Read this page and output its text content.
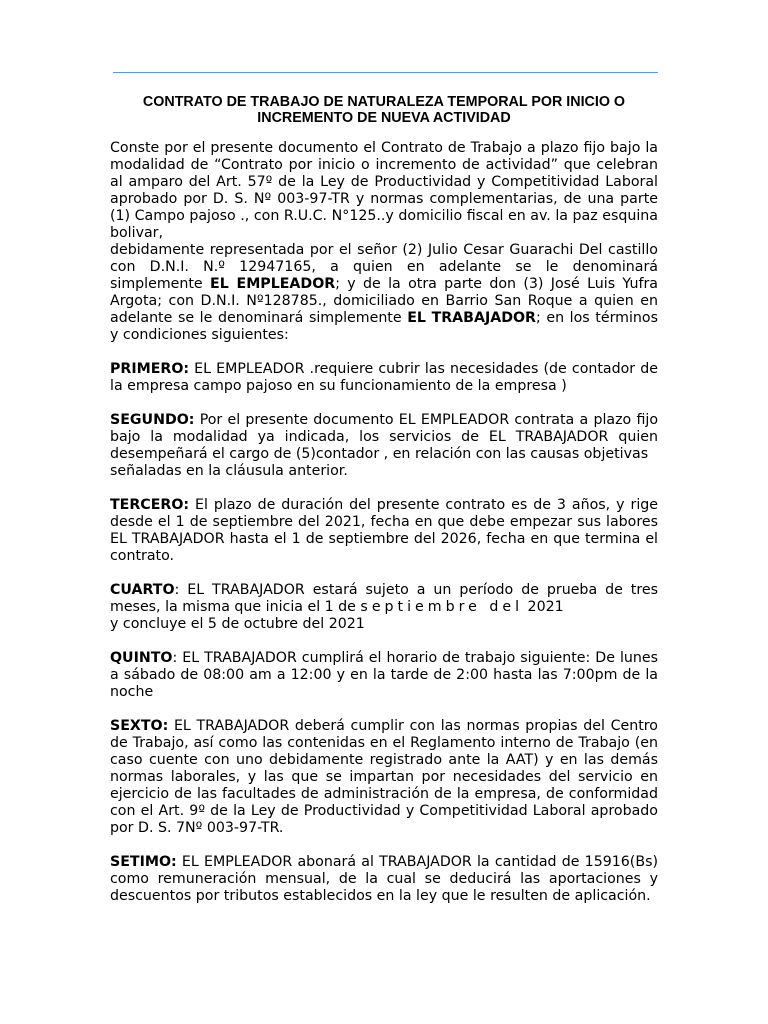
CONTRATO DE TRABAJO DE NATURALEZA TEMPORAL POR INICIO O
INCREMENTO DE NUEVA ACTIVIDAD

Conste por el presente documento el Contrato de Trabajo a plazo fijo bajo la modalidad de “Contrato por inicio o incremento de actividad” que celebran al amparo del Art. 57º de la Ley de Productividad y Competitividad Laboral aprobado por D. S. Nº 003-97-TR y normas complementarias, de una parte (1) Campo pajoso ., con R.U.C. N°125..y domicilio fiscal en av. la paz esquina bolivar,
debidamente representada por el señor (2) Julio Cesar Guarachi Del castillo con D.N.I. N.º 12947165, a quien en adelante se le denominará simplemente EL EMPLEADOR; y de la otra parte don (3) José Luis Yufra Argota; con D.N.I. Nº128785., domiciliado en Barrio San Roque a quien en adelante se le denominará simplemente EL TRABAJADOR; en los términos y condiciones siguientes:

PRIMERO: EL EMPLEADOR .requiere cubrir las necesidades (de contador de la empresa campo pajoso en su funcionamiento de la empresa )

SEGUNDO: Por el presente documento EL EMPLEADOR contrata a plazo fijo bajo la modalidad ya indicada, los servicios de EL TRABAJADOR quien desempeñará el cargo de (5)contador , en relación con las causas objetivas
señaladas en la cláusula anterior.

TERCERO: El plazo de duración del presente contrato es de 3 años, y rige desde el 1 de septiembre del 2021, fecha en que debe empezar sus labores EL TRABAJADOR hasta el 1 de septiembre del 2026, fecha en que termina el contrato.

CUARTO: EL TRABAJADOR estará sujeto a un período de prueba de tres meses, la misma que inicia el 1 de septiembre del 2021
y concluye el 5 de octubre del 2021

QUINTO: EL TRABAJADOR cumplirá el horario de trabajo siguiente: De lunes a sábado de 08:00 am a 12:00 y en la tarde de 2:00 hasta las 7:00pm de la noche

SEXTO: EL TRABAJADOR deberá cumplir con las normas propias del Centro de Trabajo, así como las contenidas en el Reglamento interno de Trabajo (en caso cuente con uno debidamente registrado ante la AAT) y en las demás normas laborales, y las que se impartan por necesidades del servicio en ejercicio de las facultades de administración de la empresa, de conformidad con el Art. 9º de la Ley de Productividad y Competitividad Laboral aprobado por D. S. 7Nº 003-97-TR.

SETIMO: EL EMPLEADOR abonará al TRABAJADOR la cantidad de 15916(Bs) como remuneración mensual, de la cual se deducirá las aportaciones y descuentos por tributos establecidos en la ley que le resulten de aplicación.
